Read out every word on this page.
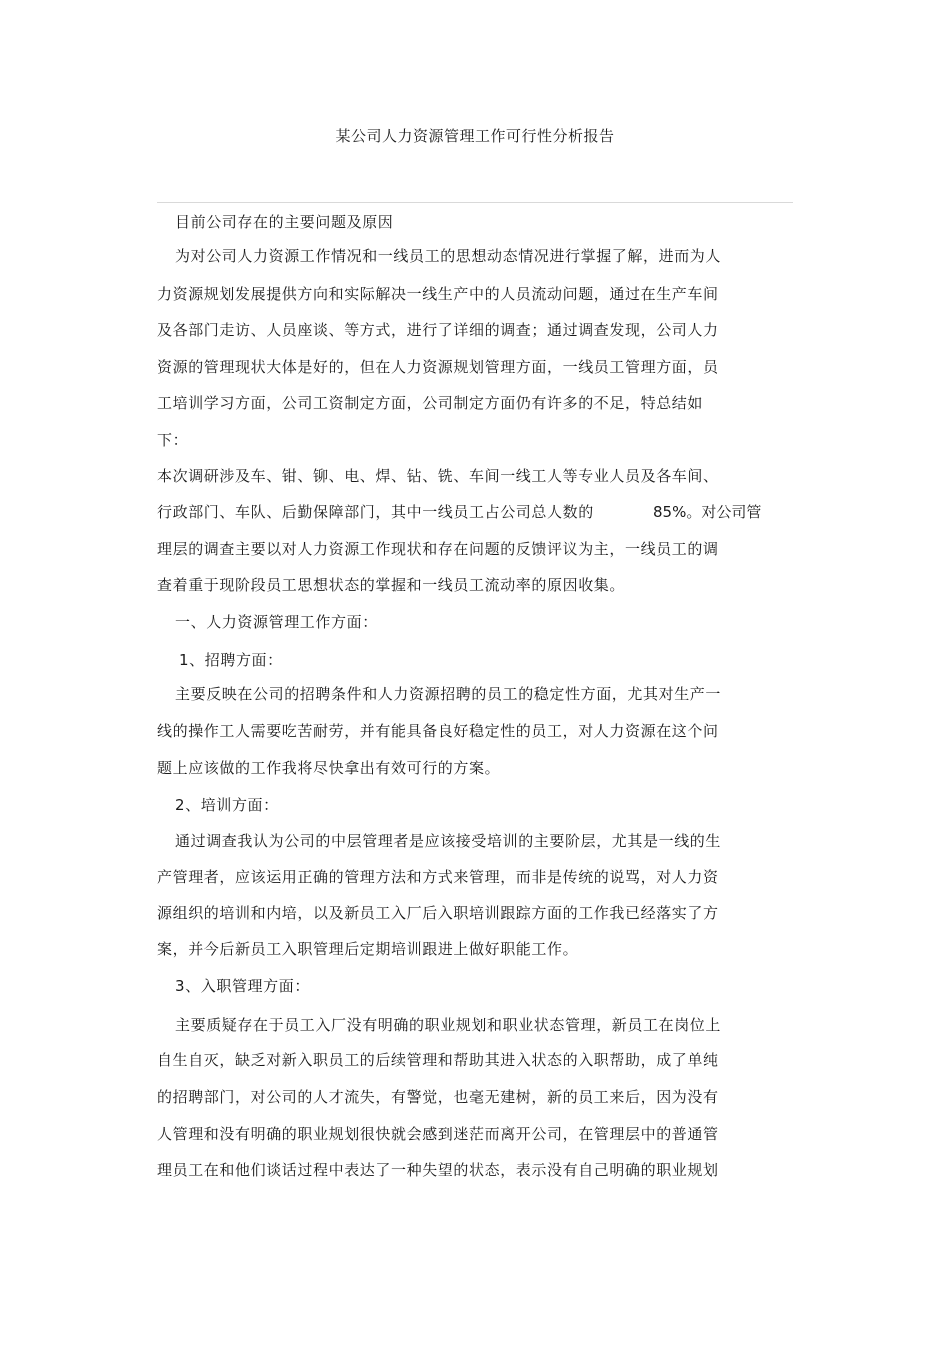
某公司人力资源管理工作可行性分析报告
目前公司存在的主要问题及原因
为对公司人力资源工作情况和一线员工的思想动态情况进行掌握了解，进而为人
力资源规划发展提供方向和实际解决一线生产中的人员流动问题，通过在生产车间
及各部门走访、人员座谈、等方式，进行了详细的调查；通过调查发现，公司人力
资源的管理现状大体是好的，但在人力资源规划管理方面，一线员工管理方面，员
工培训学习方面，公司工资制定方面，公司制定方面仍有许多的不足，特总结如
下：
本次调研涉及车、钳、铆、电、焊、钻、铣、车间一线工人等专业人员及各车间、
行政部门、车队、后勤保障部门，其中一线员工占公司总人数的	85%。对公司管
理层的调查主要以对人力资源工作现状和存在问题的反馈评议为主，一线员工的调
查着重于现阶段员工思想状态的掌握和一线员工流动率的原因收集。
一、人力资源管理工作方面：
1、招聘方面：
主要反映在公司的招聘条件和人力资源招聘的员工的稳定性方面，尤其对生产一
线的操作工人需要吃苦耐劳，并有能具备良好稳定性的员工，对人力资源在这个问
题上应该做的工作我将尽快拿出有效可行的方案。
2、培训方面：
通过调查我认为公司的中层管理者是应该接受培训的主要阶层，尤其是一线的生
产管理者，应该运用正确的管理方法和方式来管理，而非是传统的说骂，对人力资
源组织的培训和内培，以及新员工入厂后入职培训跟踪方面的工作我已经落实了方
案，并今后新员工入职管理后定期培训跟进上做好职能工作。
3、入职管理方面：
主要质疑存在于员工入厂没有明确的职业规划和职业状态管理，新员工在岗位上
自生自灭，缺乏对新入职员工的后续管理和帮助其进入状态的入职帮助，成了单纯
的招聘部门，对公司的人才流失，有警觉，也毫无建树，新的员工来后，因为没有
人管理和没有明确的职业规划很快就会感到迷茫而离开公司，在管理层中的普通管
理员工在和他们谈话过程中表达了一种失望的状态，表示没有自己明确的职业规划
